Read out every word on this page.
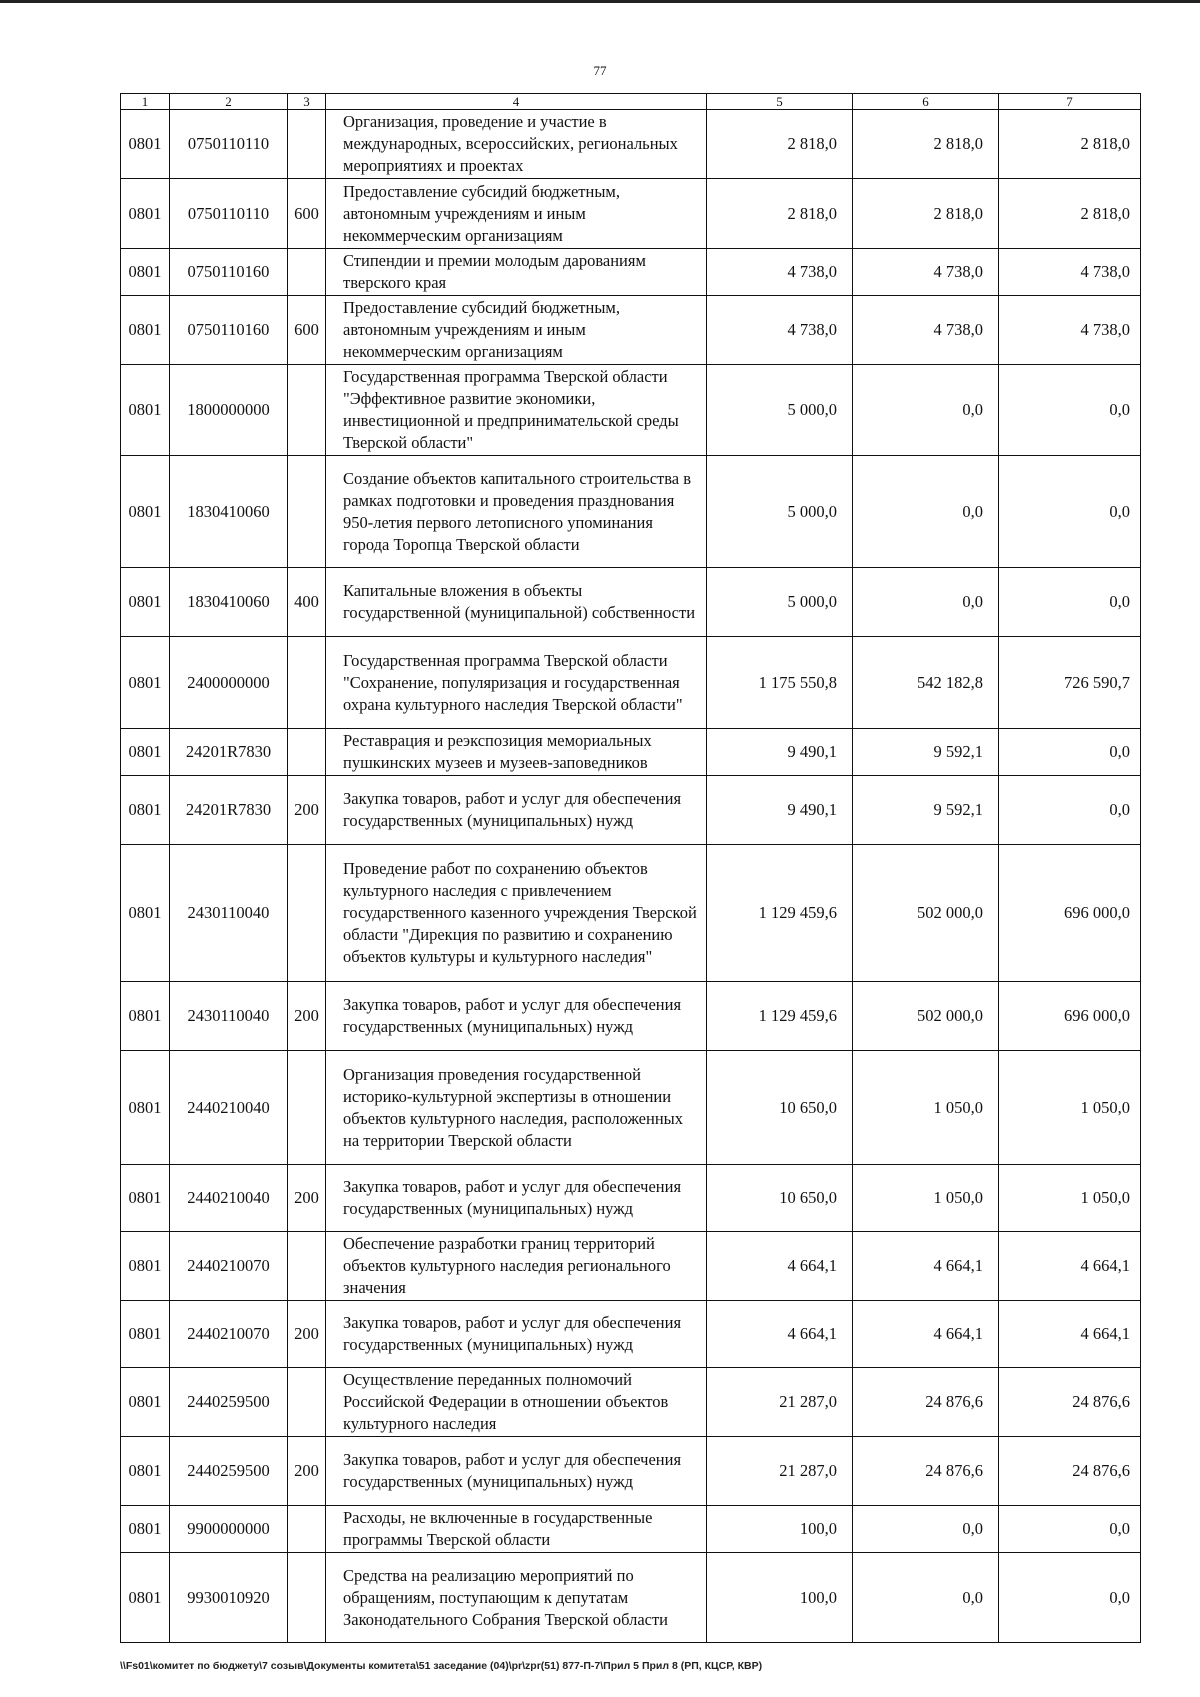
77
1	2	3	4	5	6	7
0801	0750110110		Организация, проведение и участие в международных, всероссийских, региональных мероприятиях и проектах	2 818,0	2 818,0	2 818,0
0801	0750110110	600	Предоставление субсидий бюджетным, автономным учреждениям и иным некоммерческим организациям	2 818,0	2 818,0	2 818,0
0801	0750110160		Стипендии и премии молодым дарованиям тверского края	4 738,0	4 738,0	4 738,0
0801	0750110160	600	Предоставление субсидий бюджетным, автономным учреждениям и иным некоммерческим организациям	4 738,0	4 738,0	4 738,0
0801	1800000000		Государственная программа Тверской области "Эффективное развитие экономики, инвестиционной и предпринимательской среды Тверской области"	5 000,0	0,0	0,0
0801	1830410060		Создание объектов капитального строительства в рамках подготовки и проведения празднования 950-летия первого летописного упоминания города Торопца Тверской области	5 000,0	0,0	0,0
0801	1830410060	400	Капитальные вложения в объекты государственной (муниципальной) собственности	5 000,0	0,0	0,0
0801	2400000000		Государственная программа Тверской области "Сохранение, популяризация и государственная охрана культурного наследия Тверской области"	1 175 550,8	542 182,8	726 590,7
0801	24201R7830		Реставрация и реэкспозиция мемориальных пушкинских музеев и музеев-заповедников	9 490,1	9 592,1	0,0
0801	24201R7830	200	Закупка товаров, работ и услуг для обеспечения государственных (муниципальных) нужд	9 490,1	9 592,1	0,0
0801	2430110040		Проведение работ по сохранению объектов культурного наследия с привлечением государственного казенного учреждения Тверской области "Дирекция по развитию и сохранению объектов культуры и культурного наследия"	1 129 459,6	502 000,0	696 000,0
0801	2430110040	200	Закупка товаров, работ и услуг для обеспечения государственных (муниципальных) нужд	1 129 459,6	502 000,0	696 000,0
0801	2440210040		Организация проведения государственной историко-культурной экспертизы в отношении объектов культурного наследия, расположенных на территории Тверской области	10 650,0	1 050,0	1 050,0
0801	2440210040	200	Закупка товаров, работ и услуг для обеспечения государственных (муниципальных) нужд	10 650,0	1 050,0	1 050,0
0801	2440210070		Обеспечение разработки границ территорий объектов культурного наследия регионального значения	4 664,1	4 664,1	4 664,1
0801	2440210070	200	Закупка товаров, работ и услуг для обеспечения государственных (муниципальных) нужд	4 664,1	4 664,1	4 664,1
0801	2440259500		Осуществление переданных полномочий Российской Федерации в отношении объектов культурного наследия	21 287,0	24 876,6	24 876,6
0801	2440259500	200	Закупка товаров, работ и услуг для обеспечения государственных (муниципальных) нужд	21 287,0	24 876,6	24 876,6
0801	9900000000		Расходы, не включенные в государственные программы Тверской области	100,0	0,0	0,0
0801	9930010920		Средства на реализацию мероприятий по обращениям, поступающим к депутатам Законодательного Собрания Тверской области	100,0	0,0	0,0
\\Fs01\комитет по бюджету\7 созыв\Документы комитета\51 заседание (04)\pr\zpr(51) 877-П-7\Прил 5 Прил 8 (РП, КЦСР, КВР)
